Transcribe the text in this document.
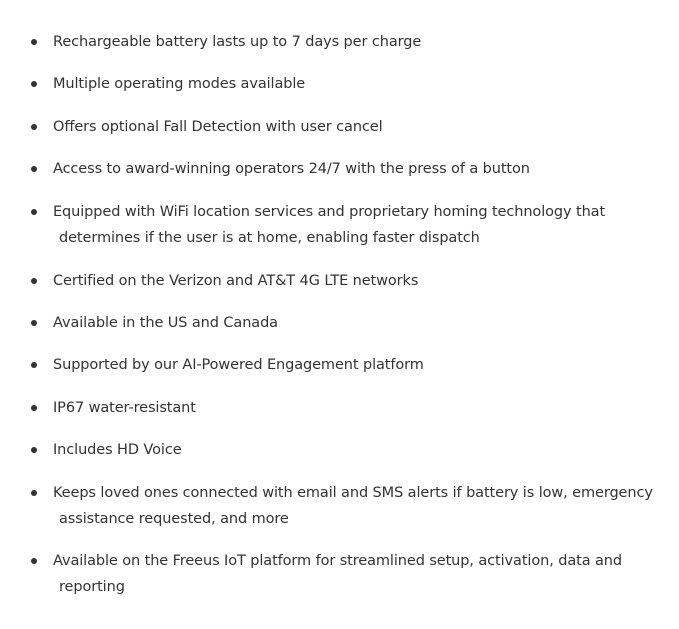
Rechargeable battery lasts up to 7 days per charge
Multiple operating modes available
Offers optional Fall Detection with user cancel
Access to award-winning operators 24/7 with the press of a button
Equipped with WiFi location services and proprietary homing technology that
determines if the user is at home, enabling faster dispatch
Certified on the Verizon and AT&T 4G LTE networks
Available in the US and Canada
Supported by our AI-Powered Engagement platform
IP67 water-resistant
Includes HD Voice
Keeps loved ones connected with email and SMS alerts if battery is low, emergency
assistance requested, and more
Available on the Freeus IoT platform for streamlined setup, activation, data and
reporting
